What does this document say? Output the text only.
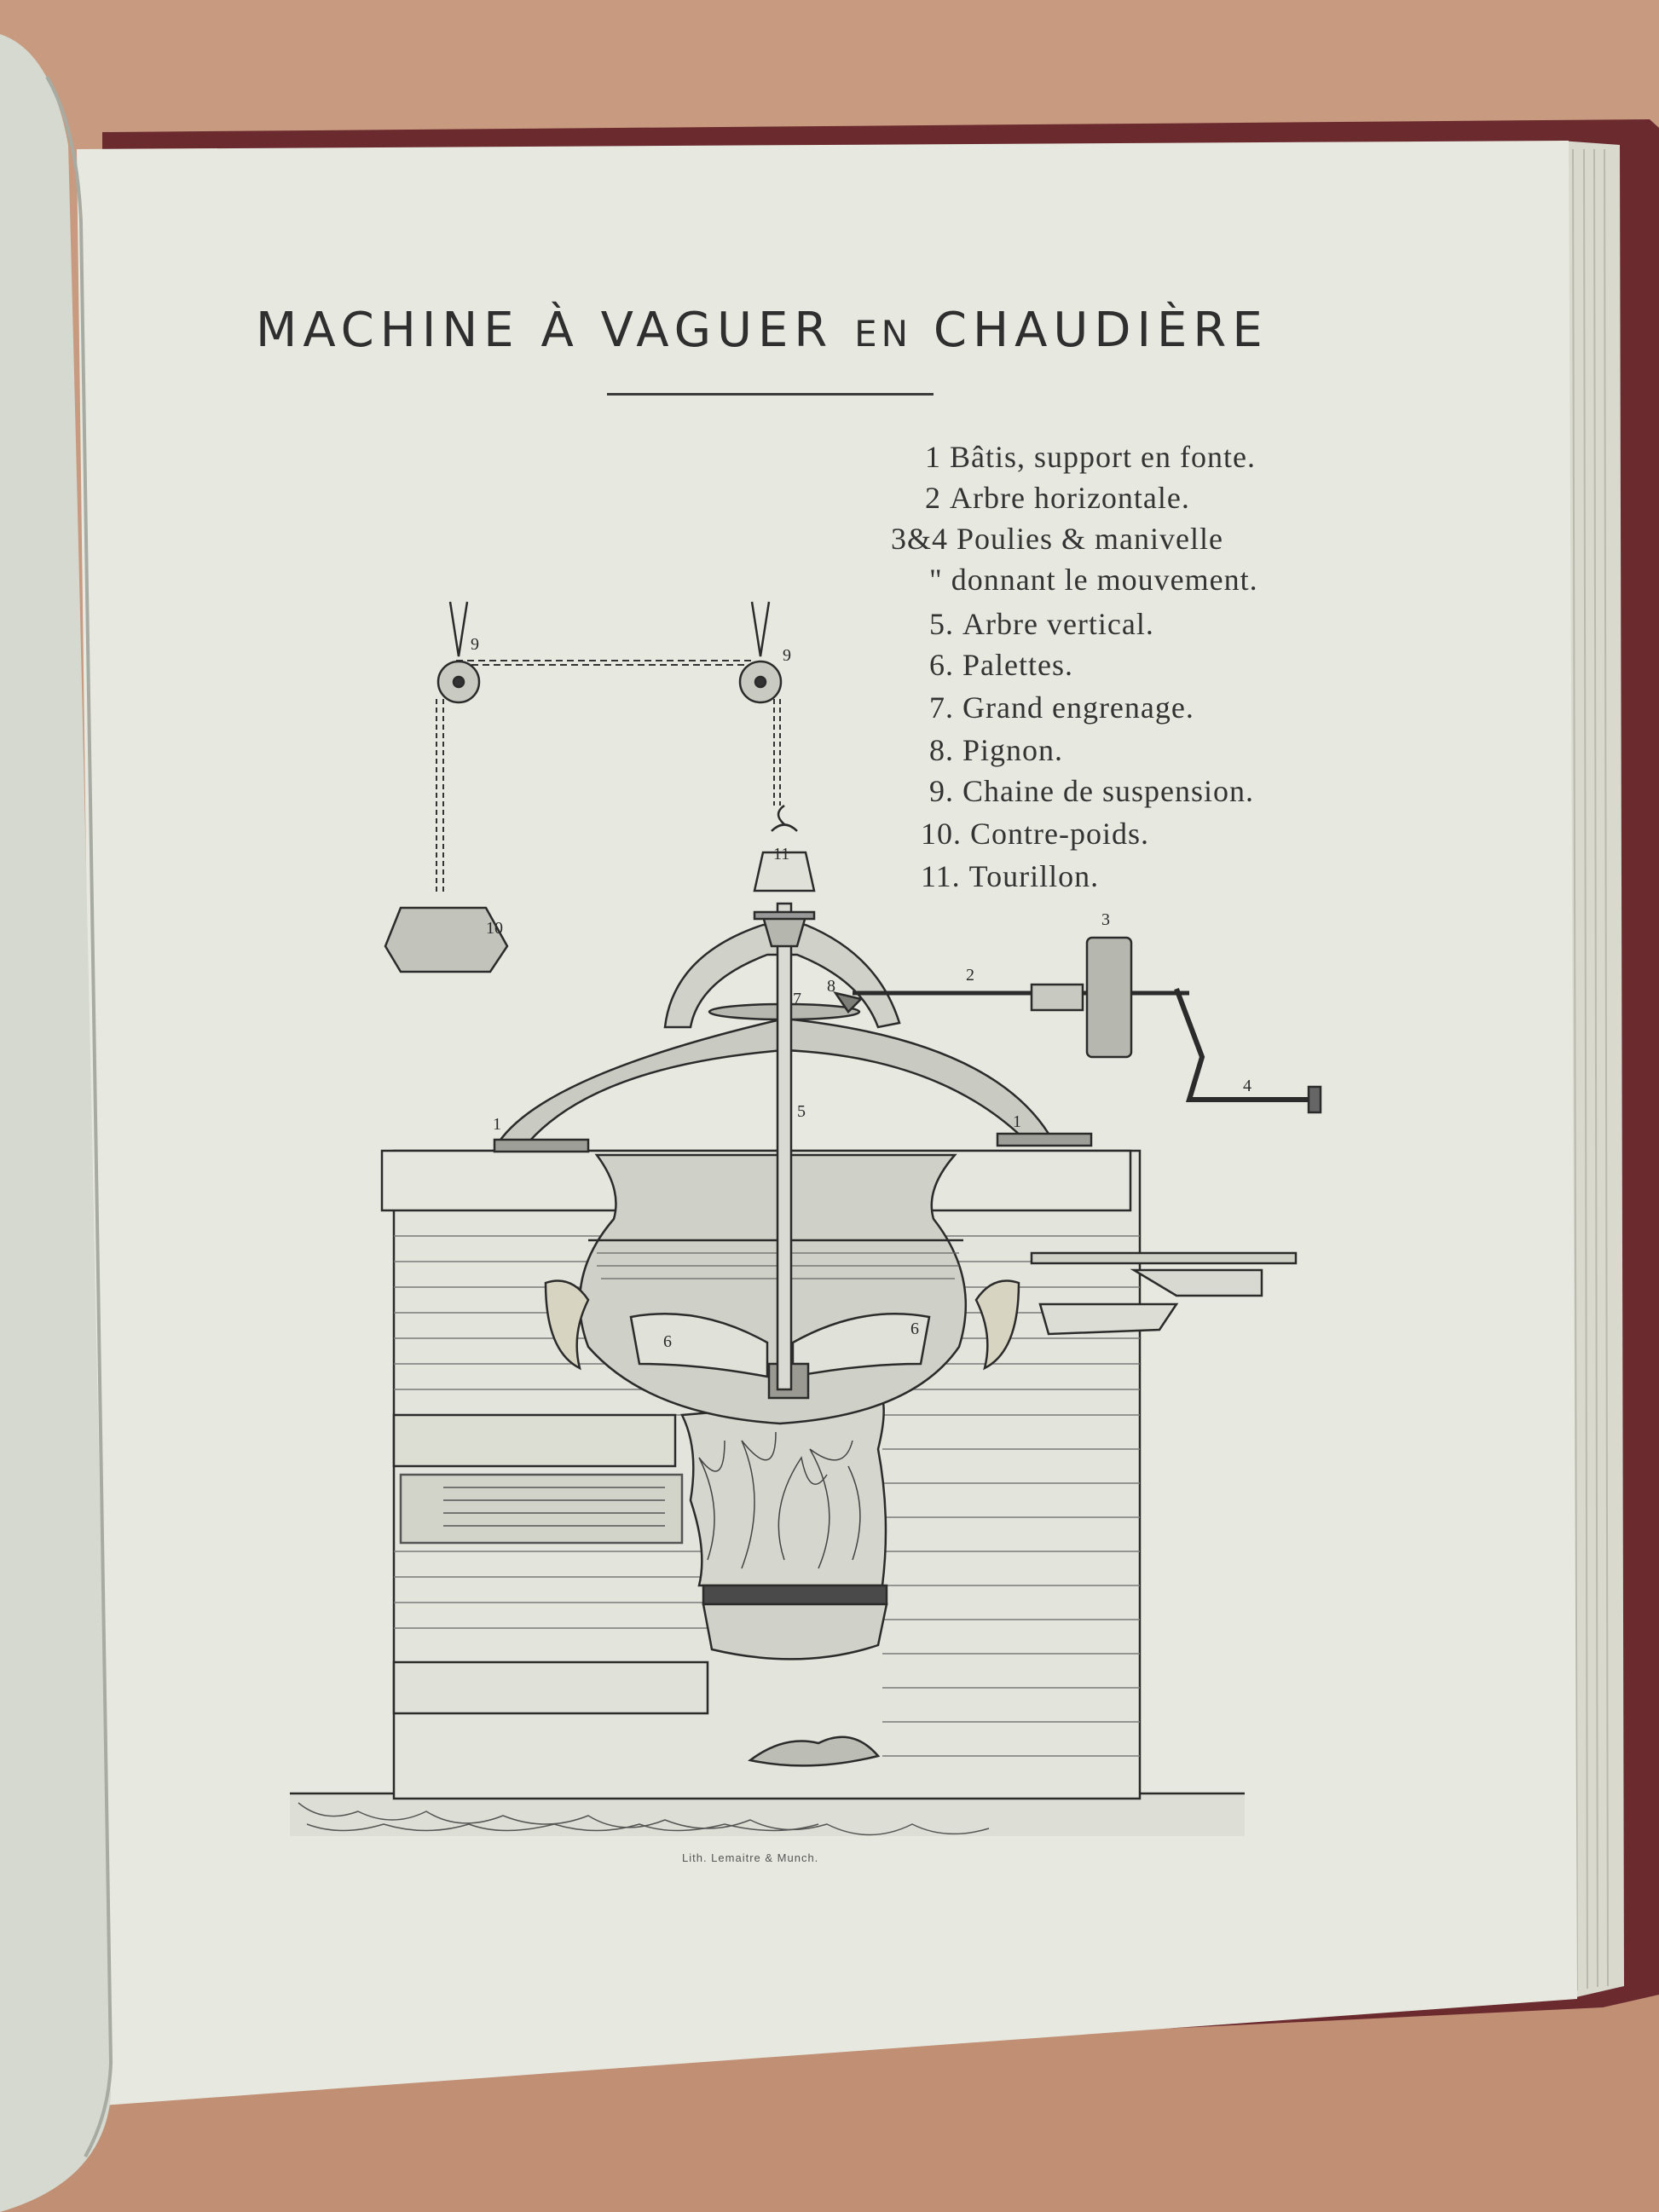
9
9
11
10	3
2
8
7
5
1	1
4
6
6
MACHINE À VAGUER EN CHAUDIÈRE
1 Bâtis, support en fonte.
2 Arbre horizontale.
3&4 Poulies & manivelle
" donnant le mouvement.
5. Arbre vertical.
6. Palettes.
7. Grand engrenage.
8. Pignon.
9. Chaine de suspension.
10. Contre-poids.
11. Tourillon.
Lith. Lemaitre & Munch.
